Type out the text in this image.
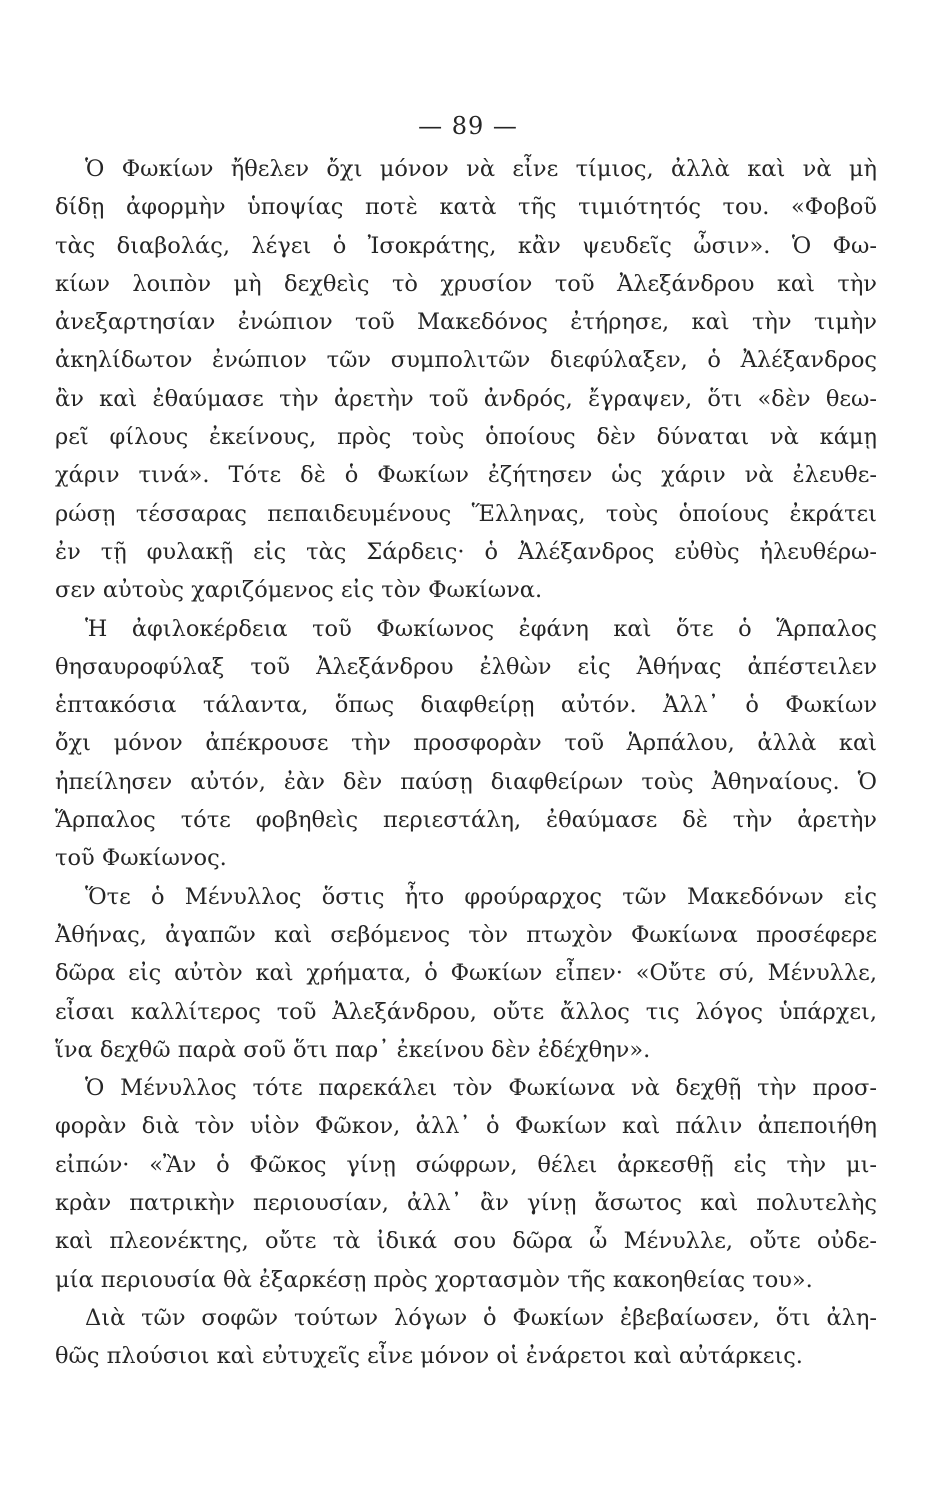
— 89 —
Ὁ Φωκίων ἤθελεν ὄχι μόνον νὰ εἶνε τίμιος, ἀλλὰ καὶ νὰ μὴ
δίδῃ ἀφορμὴν ὑποψίας ποτὲ κατὰ τῆς τιμιότητός του. «Φοβοῦ
τὰς διαβολάς, λέγει ὁ Ἰσοκράτης, κἂν ψευδεῖς ὦσιν». Ὁ Φω-
κίων λοιπὸν μὴ δεχθεὶς τὸ χρυσίον τοῦ Ἀλεξάνδρου καὶ τὴν
ἀνεξαρτησίαν ἐνώπιον τοῦ Μακεδόνος ἐτήρησε, καὶ τὴν τιμὴν
ἀκηλίδωτον ἐνώπιον τῶν συμπολιτῶν διεφύλαξεν, ὁ Ἀλέξανδρος
ἂν καὶ ἐθαύμασε τὴν ἀρετὴν τοῦ ἀνδρός, ἔγραψεν, ὅτι «δὲν θεω-
ρεῖ φίλους ἐκείνους, πρὸς τοὺς ὁποίους δὲν δύναται νὰ κάμῃ
χάριν τινά». Τότε δὲ ὁ Φωκίων ἐζήτησεν ὡς χάριν νὰ ἐλευθε-
ρώσῃ τέσσαρας πεπαιδευμένους Ἕλληνας, τοὺς ὁποίους ἐκράτει
ἐν τῇ φυλακῇ εἰς τὰς Σάρδεις· ὁ Ἀλέξανδρος εὐθὺς ἠλευθέρω-
σεν αὐτοὺς χαριζόμενος εἰς τὸν Φωκίωνα.
Ἡ ἀφιλοκέρδεια τοῦ Φωκίωνος ἐφάνη καὶ ὅτε ὁ Ἅρπαλος
θησαυροφύλαξ τοῦ Ἀλεξάνδρου ἐλθὼν εἰς Ἀθήνας ἀπέστειλεν
ἑπτακόσια τάλαντα, ὅπως διαφθείρῃ αὐτόν. Ἀλλ᾽ ὁ Φωκίων
ὄχι μόνον ἀπέκρουσε τὴν προσφορὰν τοῦ Ἁρπάλου, ἀλλὰ καὶ
ἠπείλησεν αὐτόν, ἐὰν δὲν παύσῃ διαφθείρων τοὺς Ἀθηναίους. Ὁ
Ἅρπαλος τότε φοβηθεὶς περιεστάλη, ἐθαύμασε δὲ τὴν ἀρετὴν
τοῦ Φωκίωνος.
Ὅτε ὁ Μένυλλος ὅστις ἦτο φρούραρχος τῶν Μακεδόνων εἰς
Ἀθήνας, ἀγαπῶν καὶ σεβόμενος τὸν πτωχὸν Φωκίωνα προσέφερε
δῶρα εἰς αὐτὸν καὶ χρήματα, ὁ Φωκίων εἶπεν· «Οὔτε σύ, Μένυλλε,
εἶσαι καλλίτερος τοῦ Ἀλεξάνδρου, οὔτε ἄλλος τις λόγος ὑπάρχει,
ἵνα δεχθῶ παρὰ σοῦ ὅτι παρ᾽ ἐκείνου δὲν ἐδέχθην».
Ὁ Μένυλλος τότε παρεκάλει τὸν Φωκίωνα νὰ δεχθῇ τὴν προσ-
φορὰν διὰ τὸν υἱὸν Φῶκον, ἀλλ᾽ ὁ Φωκίων καὶ πάλιν ἀπεποιήθη
εἰπών· «Ἂν ὁ Φῶκος γίνῃ σώφρων, θέλει ἀρκεσθῇ εἰς τὴν μι-
κρὰν πατρικὴν περιουσίαν, ἀλλ᾽ ἂν γίνῃ ἄσωτος καὶ πολυτελὴς
καὶ πλεονέκτης, οὔτε τὰ ἰδικά σου δῶρα ὦ Μένυλλε, οὔτε οὐδε-
μία περιουσία θὰ ἐξαρκέσῃ πρὸς χορτασμὸν τῆς κακοηθείας του».
Διὰ τῶν σοφῶν τούτων λόγων ὁ Φωκίων ἐβεβαίωσεν, ὅτι ἀλη-
θῶς πλούσιοι καὶ εὐτυχεῖς εἶνε μόνον οἱ ἐνάρετοι καὶ αὐτάρκεις.
